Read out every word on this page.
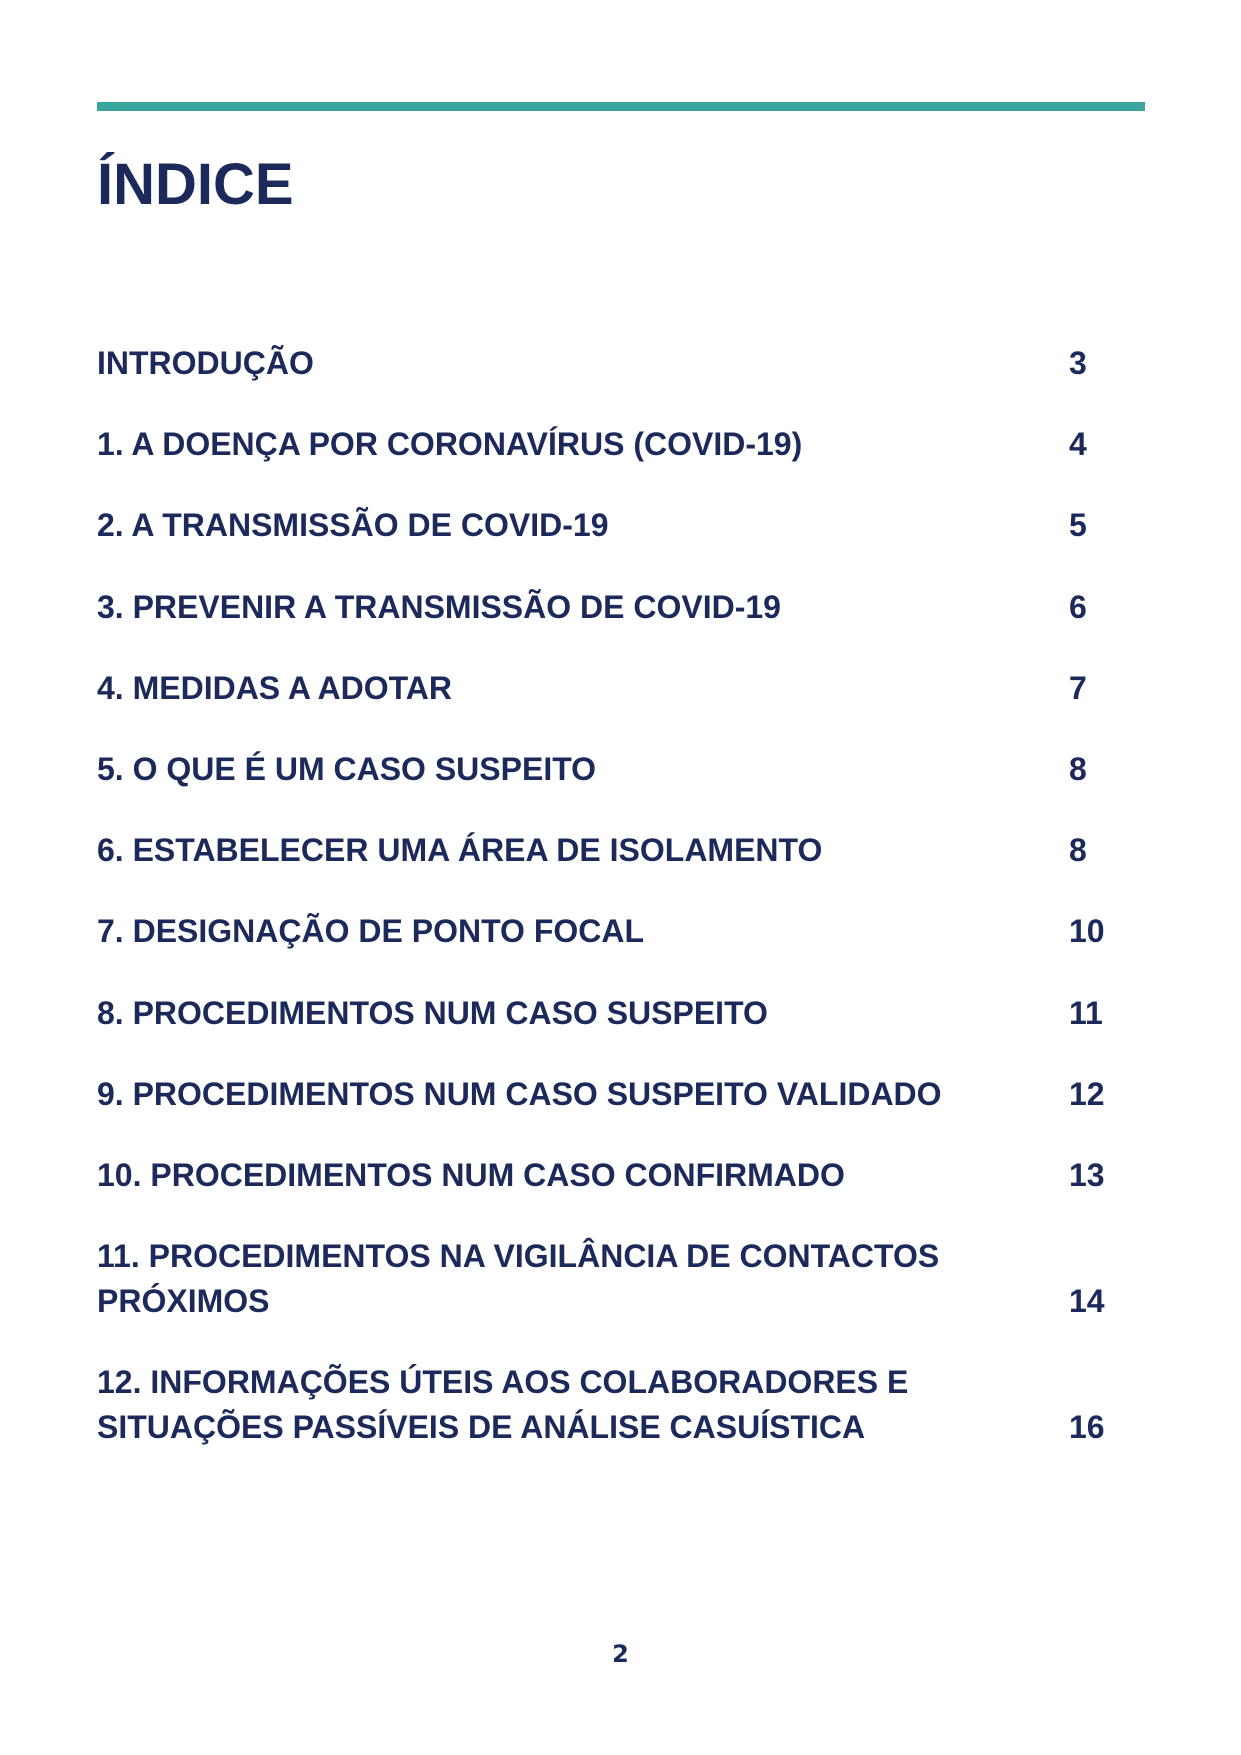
ÍNDICE
INTRODUÇÃO	3
1. A DOENÇA POR CORONAVÍRUS (COVID-19)	4
2. A TRANSMISSÃO DE COVID-19	5
3. PREVENIR A TRANSMISSÃO DE COVID-19	6
4. MEDIDAS A ADOTAR	7
5. O QUE É UM CASO SUSPEITO	8
6. ESTABELECER UMA ÁREA DE ISOLAMENTO	8
7. DESIGNAÇÃO DE PONTO FOCAL	10
8. PROCEDIMENTOS NUM CASO SUSPEITO	11
9. PROCEDIMENTOS NUM CASO SUSPEITO VALIDADO	12
10. PROCEDIMENTOS NUM CASO CONFIRMADO	13
11. PROCEDIMENTOS NA VIGILÂNCIA DE CONTACTOS
PRÓXIMOS	14
12. INFORMAÇÕES ÚTEIS AOS COLABORADORES E
SITUAÇÕES PASSÍVEIS DE ANÁLISE CASUÍSTICA	16
2
